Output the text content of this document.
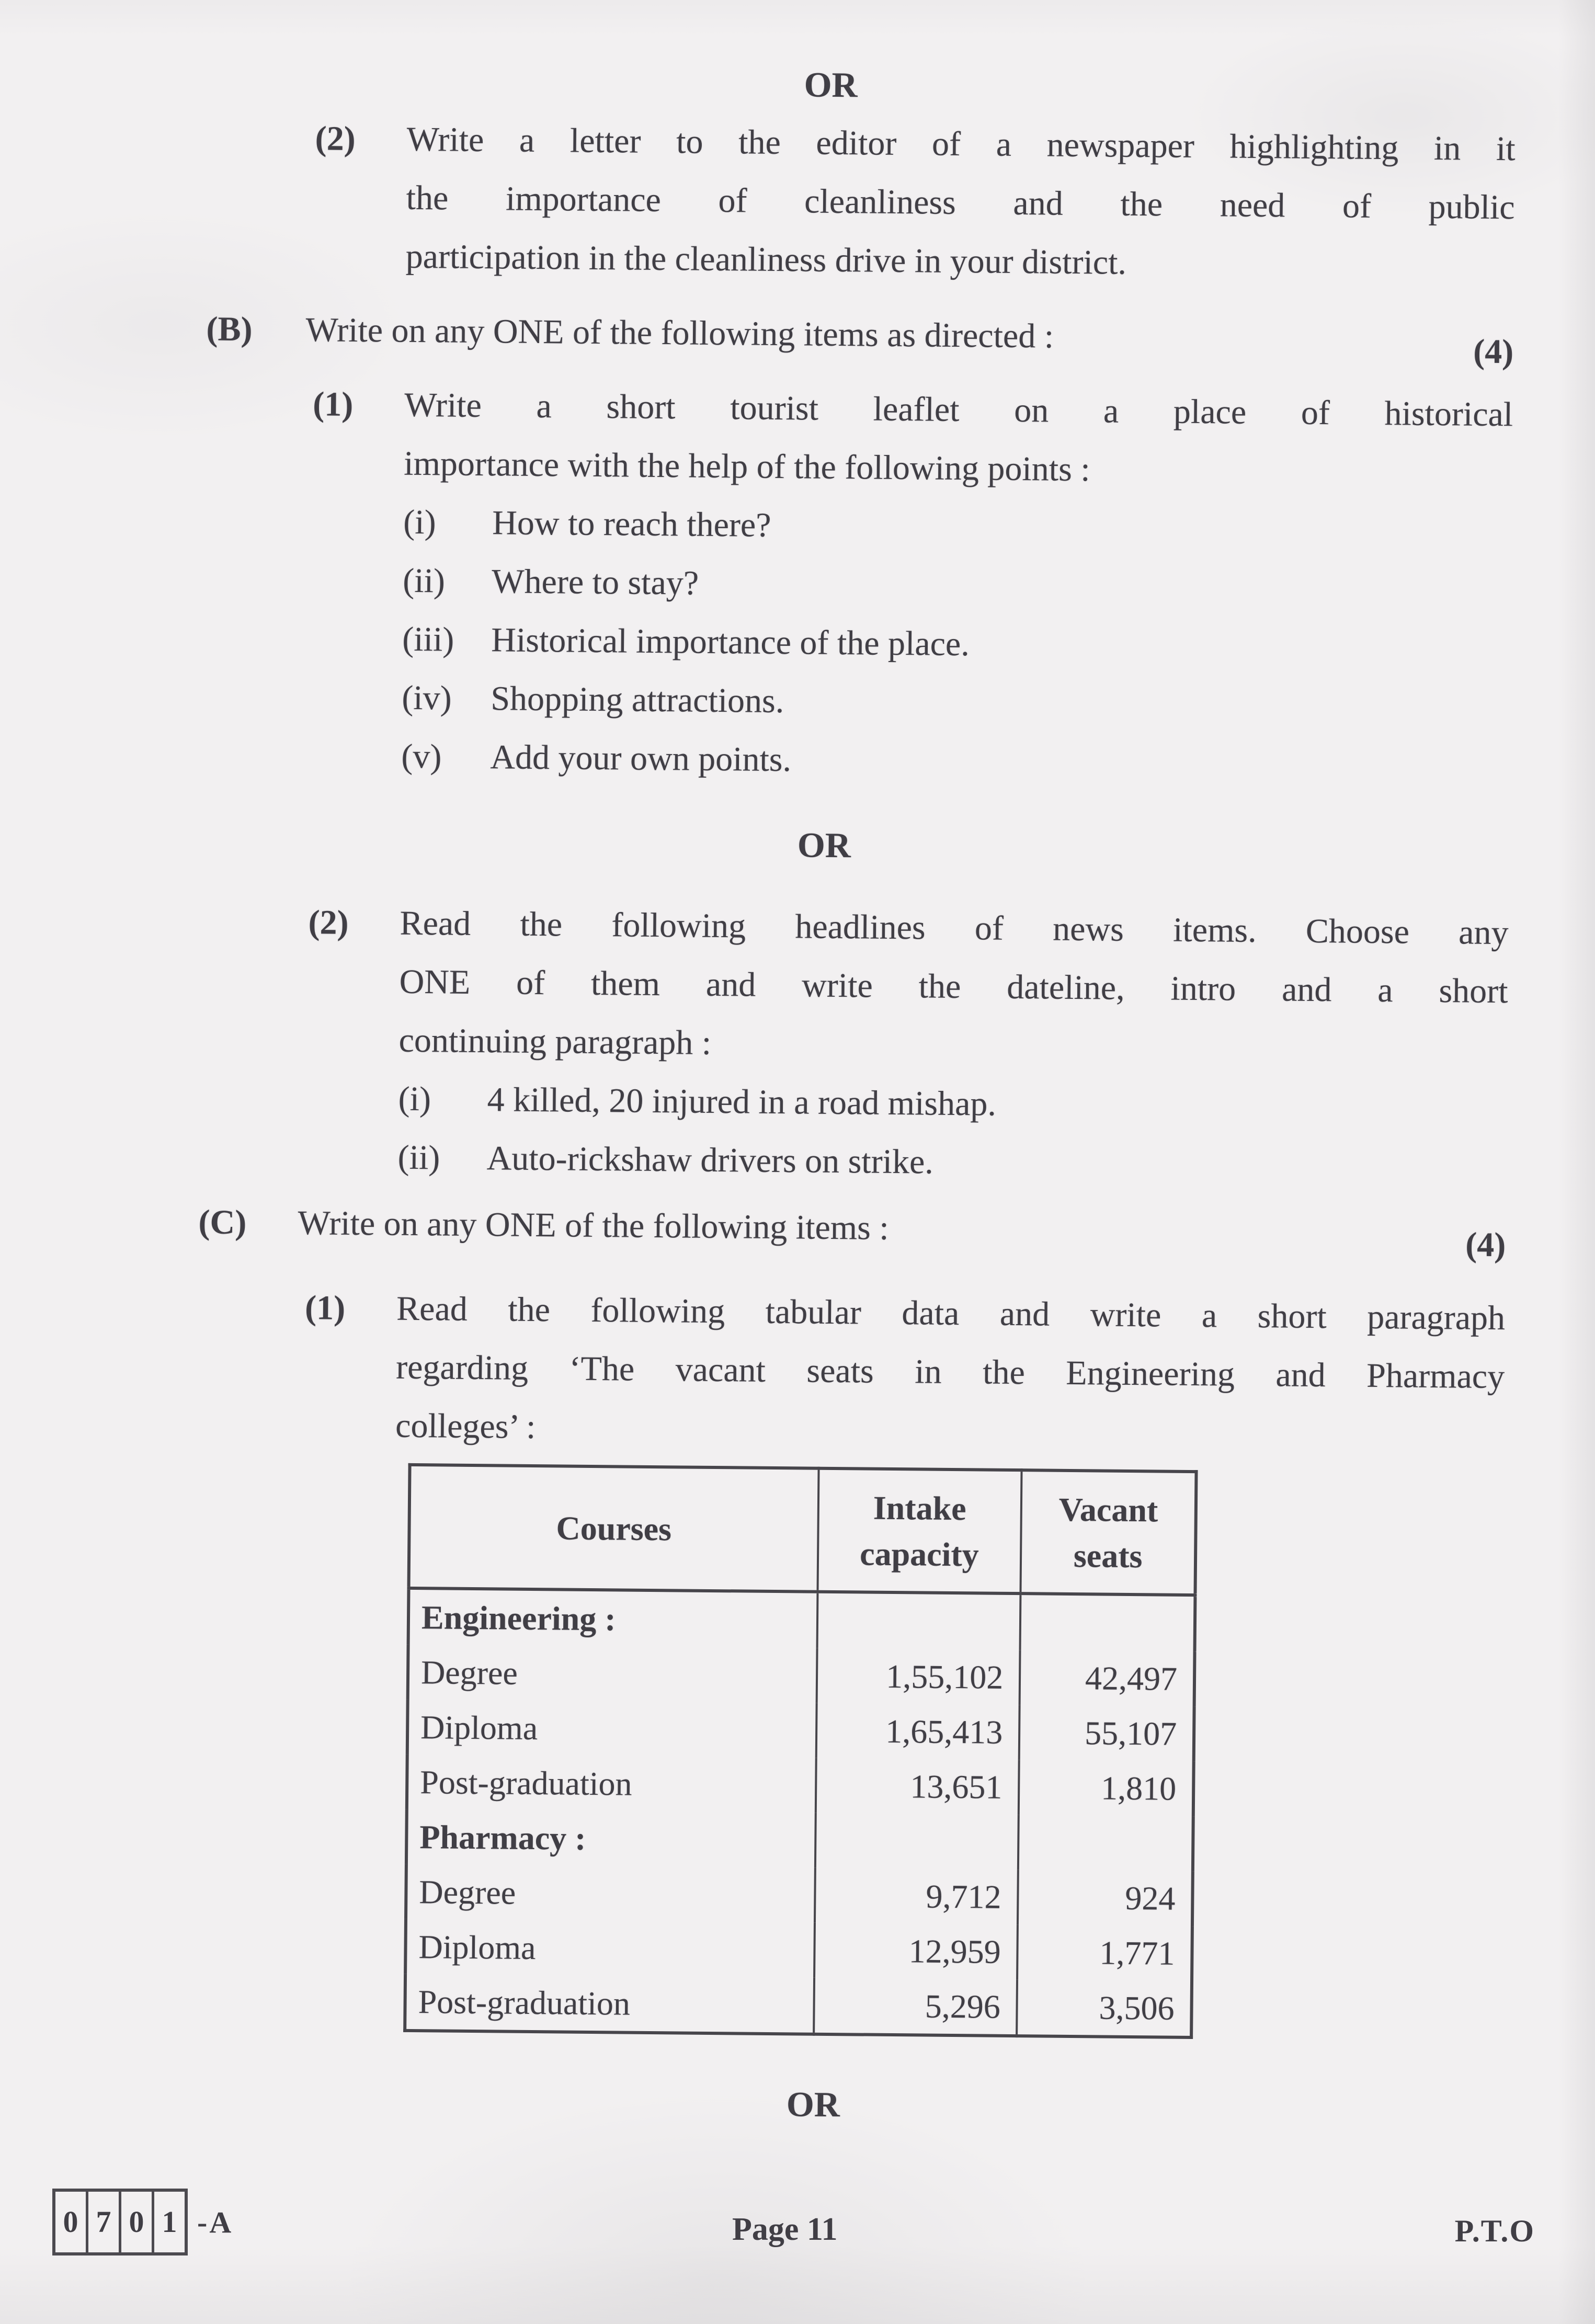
OR
(2)	Write a letter to the editor of a newspaper highlighting in it
the importance of cleanliness and the need of public
participation in the cleanliness drive in your district.
(B)	Write on any ONE of the following items as directed :	(4)
(1)	Write a short tourist leaflet on a place of historical
importance with the help of the following points :
(i)	How to reach there?
(ii)	Where to stay?
(iii)	Historical importance of the place.
(iv)	Shopping attractions.
(v)	Add your own points.
OR
(2)	Read the following headlines of news items. Choose any
ONE of them and write the dateline, intro and a short
continuing paragraph :
(i)	4 killed, 20 injured in a road mishap.
(ii)	Auto-rickshaw drivers on strike.
(C)	Write on any ONE of the following items :	(4)
(1)	Read the following tabular data and write a short paragraph
regarding ‘The vacant seats in the Engineering and Pharmacy
colleges’ :
Courses	Intake capacity	Vacant seats
Engineering :		
Degree	1,55,102	42,497
Diploma	1,65,413	55,107
Post-graduation	13,651	1,810
Pharmacy :		
Degree	9,712	924
Diploma	12,959	1,771
Post-graduation	5,296	3,506
OR
0 7 0 1 -A	Page 11	P.T.O
